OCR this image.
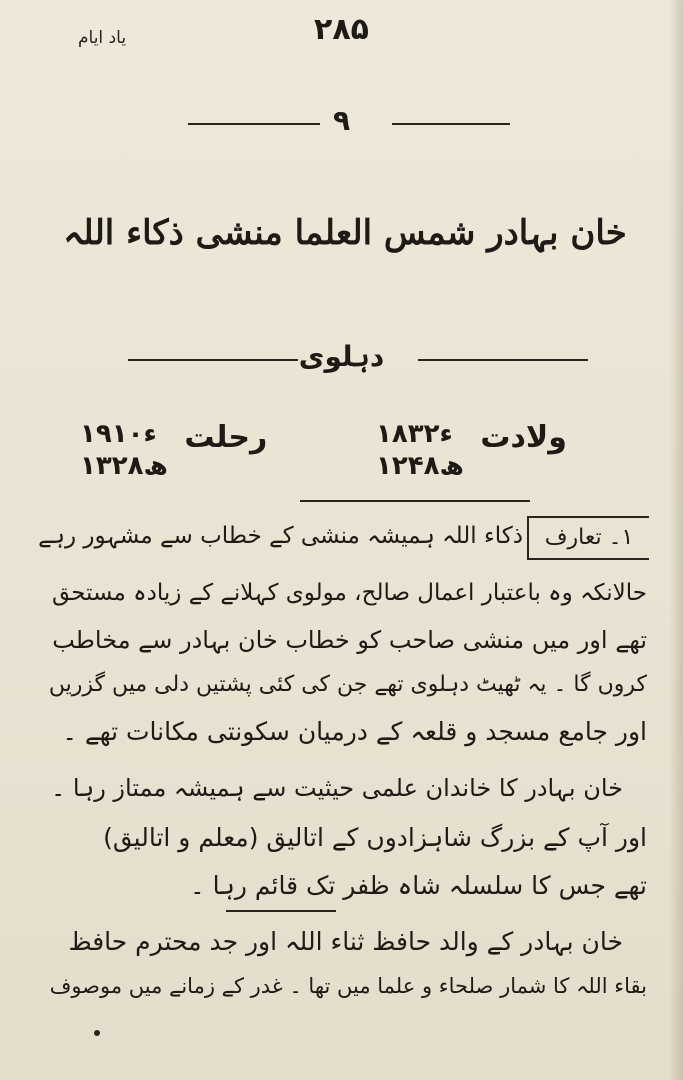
یاد ایام	۲۸۵
۹
خان بہادر شمس العلما منشی ذکاء اللہ
دہلوی
۱۸۳۲ء
۱۲۴۸ھ
ولادت
۱۹۱۰ء
۱۳۲۸ھ
رحلت
۱۔ تعارف
ذکاء اللہ ہمیشہ منشی کے خطاب سے مشہور رہے
حالانکہ وہ باعتبار اعمال صالح، مولوی کہلانے کے زیادہ مستحق
تھے اور میں منشی صاحب کو خطاب خان بہادر سے مخاطب
کروں گا ۔ یہ ٹھیٹ دہلوی تھے جن کی کئی پشتیں دلی میں گزریں
اور جامع مسجد و قلعہ کے درمیان سکونتی مکانات تھے ۔
خان بہادر کا خاندان علمی حیثیت سے ہمیشہ ممتاز رہا ۔
اور آپ کے بزرگ شاہزادوں کے اتالیق (معلم و اتالیق)
تھے جس کا سلسلہ شاہ ظفر تک قائم رہا ۔
خان بہادر کے والد حافظ ثناء اللہ اور جد محترم حافظ
بقاء اللہ کا شمار صلحاء و علما میں تھا ۔ غدر کے زمانے میں موصوف
